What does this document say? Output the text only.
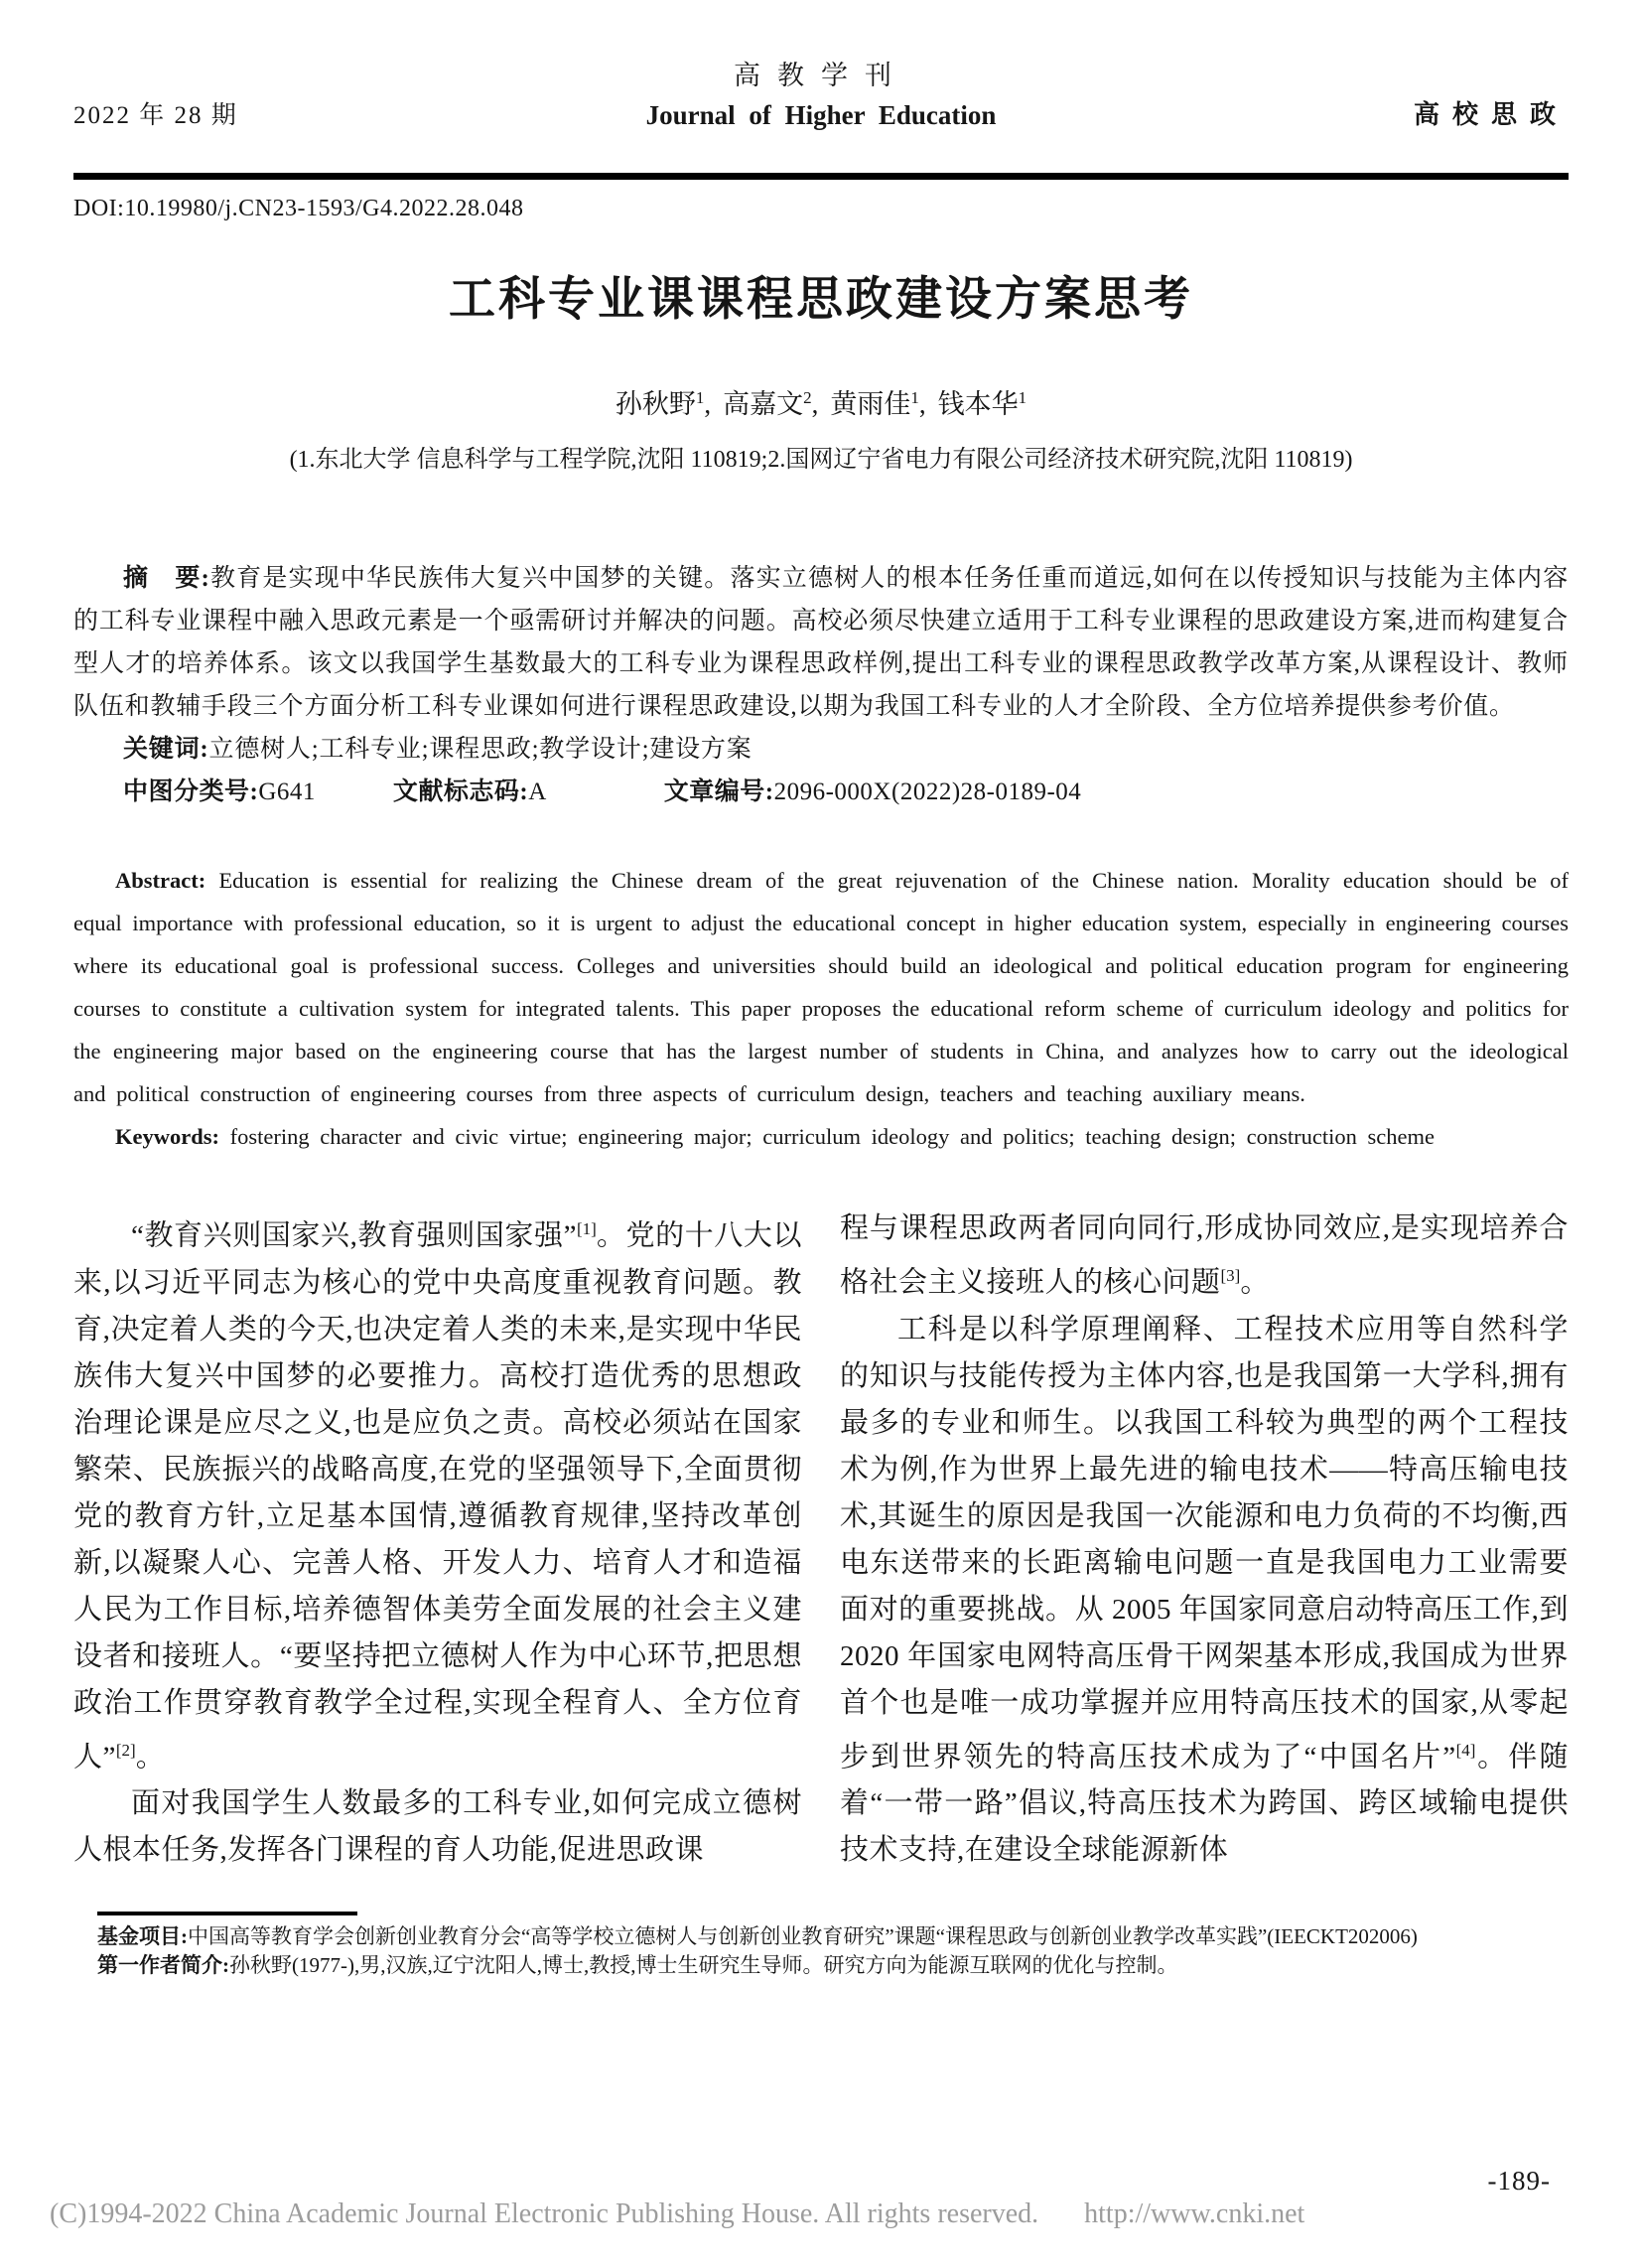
2022 年 28 期
高教学刊
Journal of Higher Education	高校思政
DOI:10.19980/j.CN23-1593/G4.2022.28.048
工科专业课课程思政建设方案思考
孙秋野$^1$, 高嘉文$^2$, 黄雨佳$^1$, 钱本华$^1$
(1.东北大学 信息科学与工程学院,沈阳 110819;2.国网辽宁省电力有限公司经济技术研究院,沈阳 110819)

摘　要:教育是实现中华民族伟大复兴中国梦的关键。落实立德树人的根本任务任重而道远,如何在以传授知识与技能为主体内容的工科专业课程中融入思政元素是一个亟需研讨并解决的问题。高校必须尽快建立适用于工科专业课程的思政建设方案,进而构建复合型人才的培养体系。该文以我国学生基数最大的工科专业为课程思政样例,提出工科专业的课程思政教学改革方案,从课程设计、教师队伍和教辅手段三个方面分析工科专业课如何进行课程思政建设,以期为我国工科专业的人才全阶段、全方位培养提供参考价值。

关键词:立德树人;工科专业;课程思政;教学设计;建设方案

中图分类号:G641	文献标志码:A	文章编号:2096-000X(2022)28-0189-04

Abstract: Education is essential for realizing the Chinese dream of the great rejuvenation of the Chinese nation. Morality education should be of equal importance with professional education, so it is urgent to adjust the educational concept in higher education system, especially in engineering courses where its educational goal is professional success. Colleges and universities should build an ideological and political education program for engineering courses to constitute a cultivation system for integrated talents. This paper proposes the educational reform scheme of curriculum ideology and politics for the engineering major based on the engineering course that has the largest number of students in China, and analyzes how to carry out the ideological and political construction of engineering courses from three aspects of curriculum design, teachers and teaching auxiliary means.

Keywords: fostering character and civic virtue; engineering major; curriculum ideology and politics; teaching design; construction scheme

“教育兴则国家兴,教育强则国家强”[1]。党的十八大以来,以习近平同志为核心的党中央高度重视教育问题。教育,决定着人类的今天,也决定着人类的未来,是实现中华民族伟大复兴中国梦的必要推力。高校打造优秀的思想政治理论课是应尽之义,也是应负之责。高校必须站在国家繁荣、民族振兴的战略高度,在党的坚强领导下,全面贯彻党的教育方针,立足基本国情,遵循教育规律,坚持改革创新,以凝聚人心、完善人格、开发人力、培育人才和造福人民为工作目标,培养德智体美劳全面发展的社会主义建设者和接班人。“要坚持把立德树人作为中心环节,把思想政治工作贯穿教育教学全过程,实现全程育人、全方位育人”[2]。

面对我国学生人数最多的工科专业,如何完成立德树人根本任务,发挥各门课程的育人功能,促进思政课

程与课程思政两者同向同行,形成协同效应,是实现培养合格社会主义接班人的核心问题[3]。

工科是以科学原理阐释、工程技术应用等自然科学的知识与技能传授为主体内容,也是我国第一大学科,拥有最多的专业和师生。以我国工科较为典型的两个工程技术为例,作为世界上最先进的输电技术——特高压输电技术,其诞生的原因是我国一次能源和电力负荷的不均衡,西电东送带来的长距离输电问题一直是我国电力工业需要面对的重要挑战。从 2005 年国家同意启动特高压工作,到 2020 年国家电网特高压骨干网架基本形成,我国成为世界首个也是唯一成功掌握并应用特高压技术的国家,从零起步到世界领先的特高压技术成为了“中国名片”[4]。伴随着“一带一路”倡议,特高压技术为跨国、跨区域输电提供技术支持,在建设全球能源新体

基金项目:中国高等教育学会创新创业教育分会“高等学校立德树人与创新创业教育研究”课题“课程思政与创新创业教学改革实践”(IEECKT202006)

第一作者简介:孙秋野(1977-),男,汉族,辽宁沈阳人,博士,教授,博士生研究生导师。研究方向为能源互联网的优化与控制。

-189-
(C)1994-2022 China Academic Journal Electronic Publishing House. All rights reserved. http://www.cnki.net
